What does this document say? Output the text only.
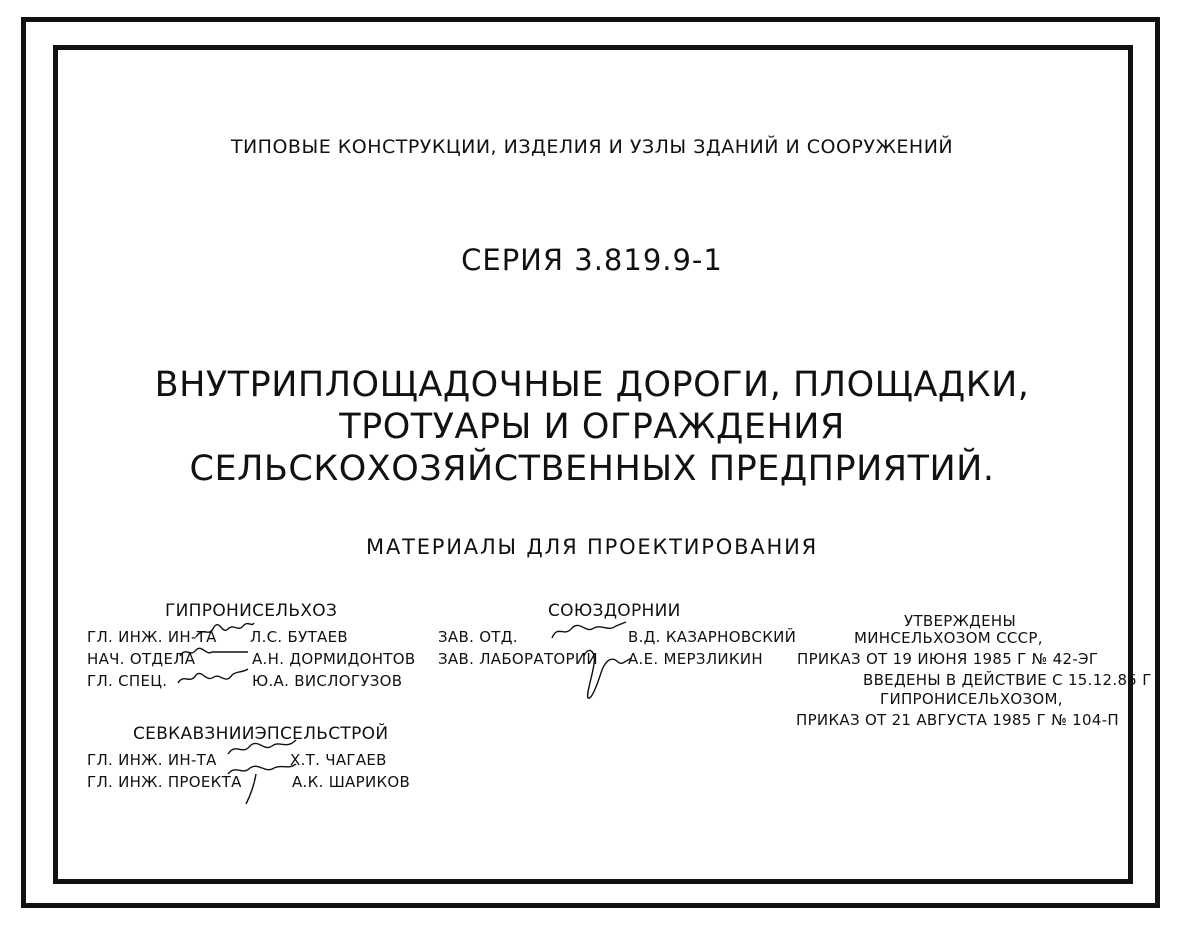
ТИПОВЫЕ КОНСТРУКЦИИ, ИЗДЕЛИЯ И УЗЛЫ ЗДАНИЙ И СООРУЖЕНИЙ
СЕРИЯ 3.819.9-1
ВНУТРИПЛОЩАДОЧНЫЕ ДОРОГИ, ПЛОЩАДКИ,
ТРОТУАРЫ И ОГРАЖДЕНИЯ
СЕЛЬСКОХОЗЯЙСТВЕННЫХ ПРЕДПРИЯТИЙ.
МАТЕРИАЛЫ ДЛЯ ПРОЕКТИРОВАНИЯ
ГИПРОНИСЕЛЬХОЗ
ГЛ. ИНЖ. ИН-ТА Л.С. БУТАЕВ
НАЧ. ОТДЕЛА	А.Н. ДОРМИДОНТОВ
ГЛ. СПЕЦ.	Ю.А. ВИСЛОГУЗОВ
СЕВКАВЗНИИЭПСЕЛЬСТРОЙ
ГЛ. ИНЖ. ИН-ТА	Х.Т. ЧАГАЕВ
ГЛ. ИНЖ. ПРОЕКТА	А.К. ШАРИКОВ
СОЮЗДОРНИИ
ЗАВ. ОТД.	В.Д. КАЗАРНОВСКИЙ
ЗАВ. ЛАБОРАТОРИИ А.Е. МЕРЗЛИКИН
УТВЕРЖДЕНЫ
МИНСЕЛЬХОЗОМ СССР,
ПРИКАЗ ОТ 19 ИЮНЯ 1985 Г № 42-ЭГ
ВВЕДЕНЫ В ДЕЙСТВИЕ С 15.12.85 Г
ГИПРОНИСЕЛЬХОЗОМ,
ПРИКАЗ ОТ 21 АВГУСТА 1985 Г № 104-П
